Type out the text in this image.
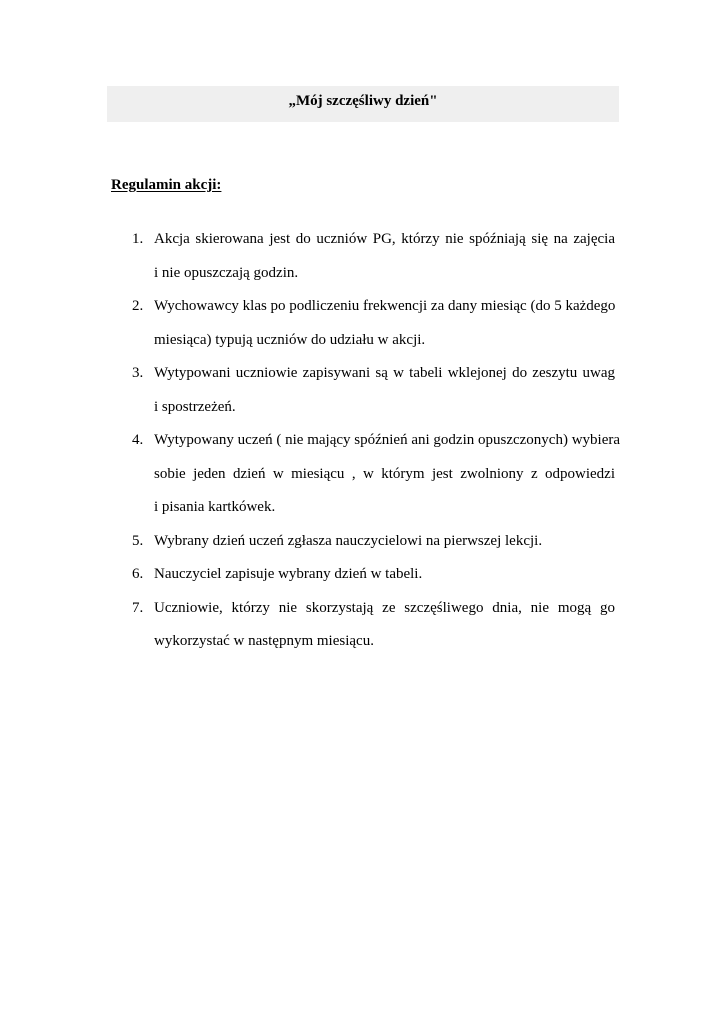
„Mój szczęśliwy dzień"
Regulamin akcji:
1. Akcja skierowana jest do uczniów PG, którzy nie spóźniają się na zajęcia
i nie opuszczają godzin.
2. Wychowawcy klas po podliczeniu frekwencji za dany miesiąc (do 5 każdego
miesiąca) typują uczniów do udziału w akcji.
3. Wytypowani uczniowie zapisywani są w tabeli wklejonej do zeszytu uwag
i spostrzeżeń.
4. Wytypowany uczeń ( nie mający spóźnień ani godzin opuszczonych) wybiera
sobie jeden dzień w miesiącu , w którym jest zwolniony z odpowiedzi
i pisania kartkówek.
5. Wybrany dzień uczeń zgłasza nauczycielowi na pierwszej lekcji.
6. Nauczyciel zapisuje wybrany dzień w tabeli.
7. Uczniowie, którzy nie skorzystają ze szczęśliwego dnia, nie mogą go
wykorzystać w następnym miesiącu.
